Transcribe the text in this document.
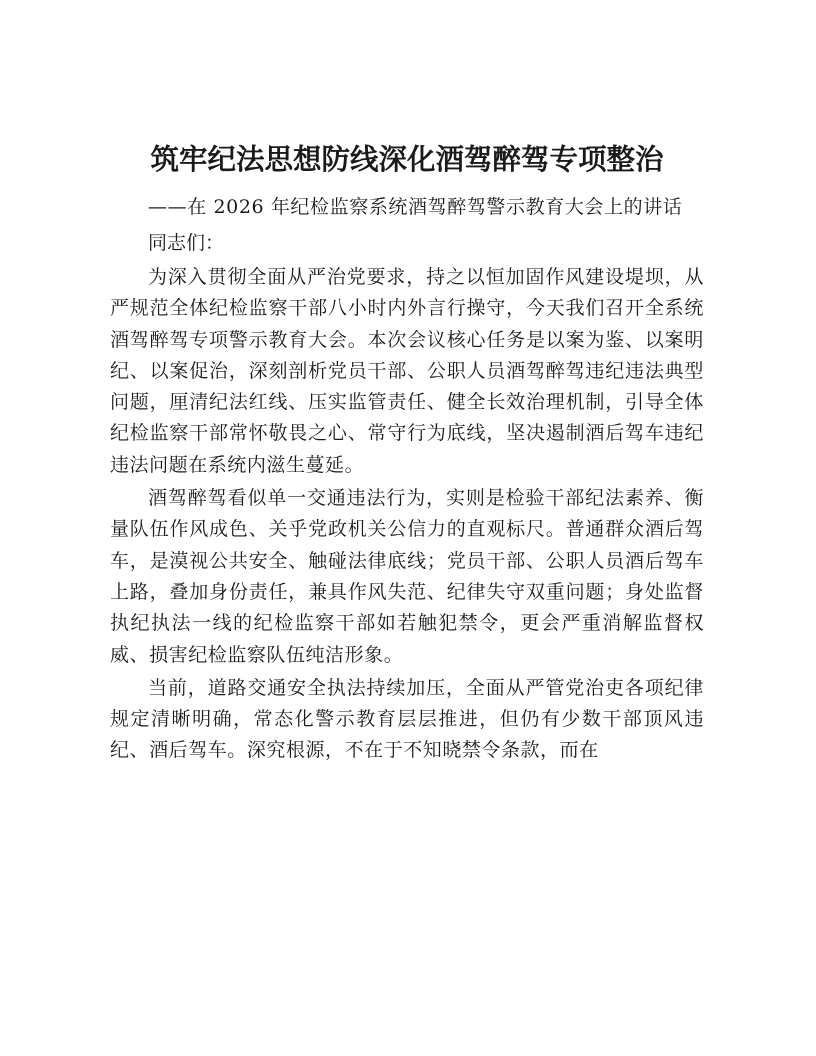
筑牢纪法思想防线深化酒驾醉驾专项整治

——在 2026 年纪检监察系统酒驾醉驾警示教育大会上的讲话

同志们：

为深入贯彻全面从严治党要求，持之以恒加固作风建设堤坝，从严规范全体纪检监察干部八小时内外言行操守，今天我们召开全系统酒驾醉驾专项警示教育大会。本次会议核心任务是以案为鉴、以案明纪、以案促治，深刻剖析党员干部、公职人员酒驾醉驾违纪违法典型问题，厘清纪法红线、压实监管责任、健全长效治理机制，引导全体纪检监察干部常怀敬畏之心、常守行为底线，坚决遏制酒后驾车违纪违法问题在系统内滋生蔓延。

酒驾醉驾看似单一交通违法行为，实则是检验干部纪法素养、衡量队伍作风成色、关乎党政机关公信力的直观标尺。普通群众酒后驾车，是漠视公共安全、触碰法律底线；党员干部、公职人员酒后驾车上路，叠加身份责任，兼具作风失范、纪律失守双重问题；身处监督执纪执法一线的纪检监察干部如若触犯禁令，更会严重消解监督权威、损害纪检监察队伍纯洁形象。

当前，道路交通安全执法持续加压，全面从严管党治吏各项纪律规定清晰明确，常态化警示教育层层推进，但仍有少数干部顶风违纪、酒后驾车。深究根源，不在于不知晓禁令条款，而在
